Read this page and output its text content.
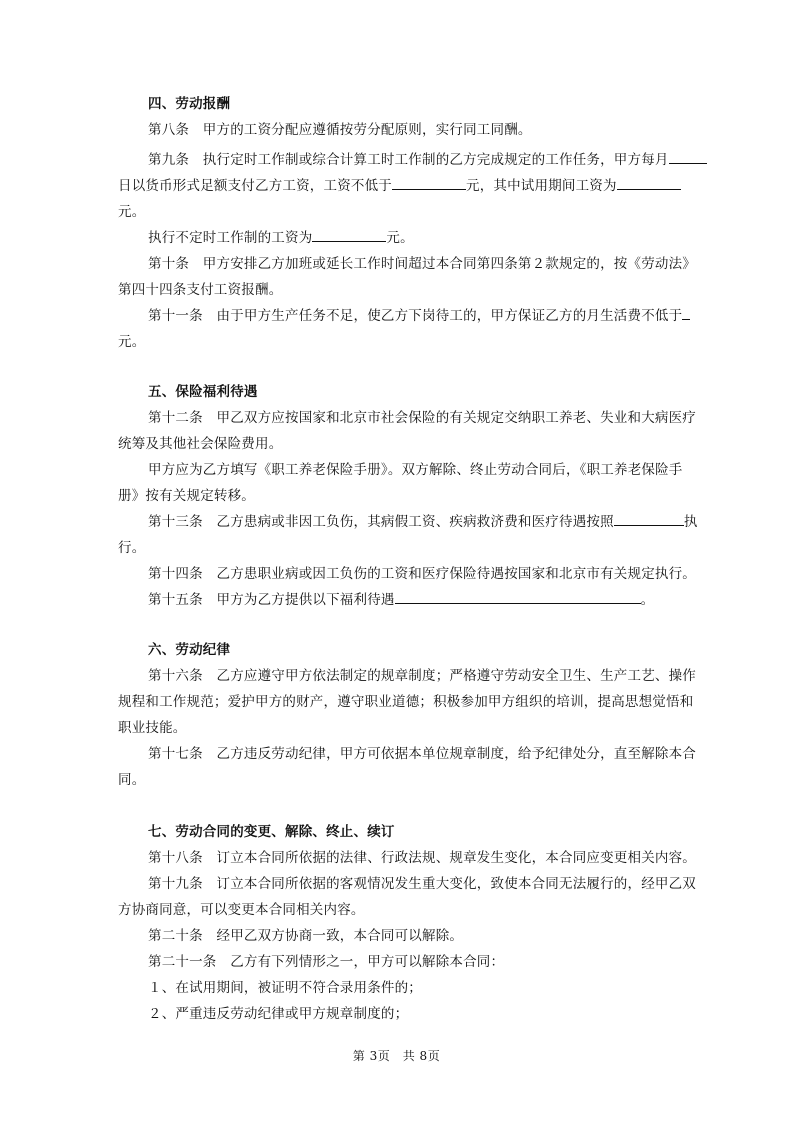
四、劳动报酬
第八条　甲方的工资分配应遵循按劳分配原则，实行同工同酬。
第九条　执行定时工作制或综合计算工时工作制的乙方完成规定的工作任务，甲方每月
日以货币形式足额支付乙方工资，工资不低于	元，其中试用期间工资为
元。
执行不定时工作制的工资为	元。
第十条　甲方安排乙方加班或延长工作时间超过本合同第四条第２款规定的，按《劳动法》
第四十四条支付工资报酬。
第十一条　由于甲方生产任务不足，使乙方下岗待工的，甲方保证乙方的月生活费不低于
元。
五、保险福利待遇
第十二条　甲乙双方应按国家和北京市社会保险的有关规定交纳职工养老、失业和大病医疗
统筹及其他社会保险费用。
甲方应为乙方填写《职工养老保险手册》。双方解除、终止劳动合同后，《职工养老保险手
册》按有关规定转移。
第十三条　乙方患病或非因工负伤，其病假工资、疾病救济费和医疗待遇按照	执
行。
第十四条　乙方患职业病或因工负伤的工资和医疗保险待遇按国家和北京市有关规定执行。
第十五条　甲方为乙方提供以下福利待遇	。
六、劳动纪律
第十六条　乙方应遵守甲方依法制定的规章制度；严格遵守劳动安全卫生、生产工艺、操作
规程和工作规范；爱护甲方的财产，遵守职业道德；积极参加甲方组织的培训，提高思想觉悟和
职业技能。
第十七条　乙方违反劳动纪律，甲方可依据本单位规章制度，给予纪律处分，直至解除本合
同。
七、劳动合同的变更、解除、终止、续订
第十八条　订立本合同所依据的法律、行政法规、规章发生变化，本合同应变更相关内容。
第十九条　订立本合同所依据的客观情况发生重大变化，致使本合同无法履行的，经甲乙双
方协商同意，可以变更本合同相关内容。
第二十条　经甲乙双方协商一致，本合同可以解除。
第二十一条　乙方有下列情形之一，甲方可以解除本合同：
１、在试用期间，被证明不符合录用条件的；
２、严重违反劳动纪律或甲方规章制度的；
第 3页　共 8页
